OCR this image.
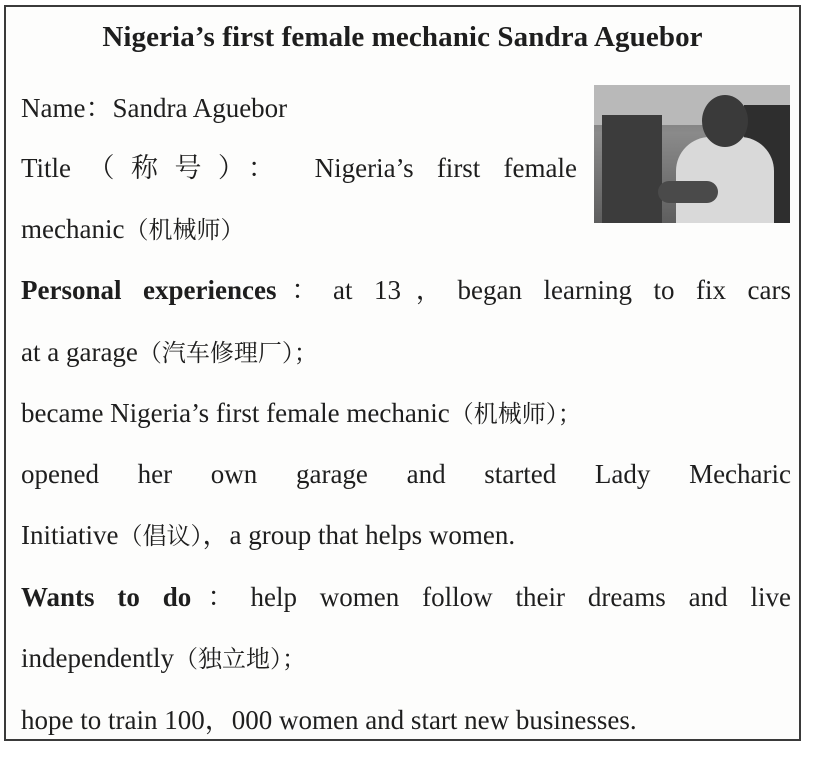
Nigeria’s first female mechanic Sandra Aguebor
Name：Sandra Aguebor
Title（称号）： Nigeria’s first female
mechanic（机械师）
Personal experiences：at 13，began learning to fix cars
at a garage（汽车修理厂）；
became Nigeria’s first female mechanic（机械师）；
opened her own garage and started Lady Mecharic
Initiative（倡议），a group that helps women.
Wants to do：help women follow their dreams and live
independently（独立地）；
hope to train 100，000 women and start new businesses.
